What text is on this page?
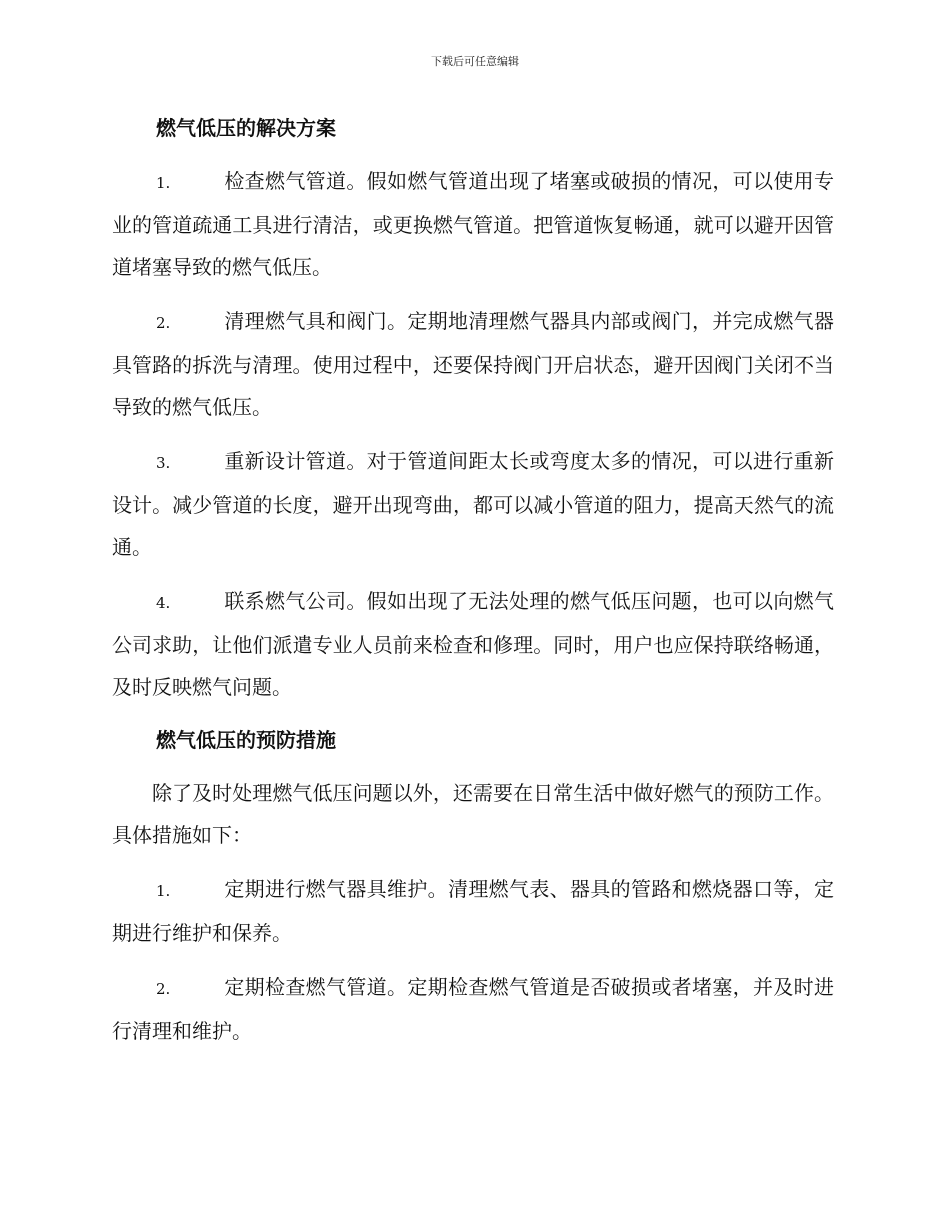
下载后可任意编辑
燃气低压的解决方案

1.	检查燃气管道。假如燃气管道出现了堵塞或破损的情况，可以使用专业的管道疏通工具进行清洁，或更换燃气管道。把管道恢复畅通，就可以避开因管道堵塞导致的燃气低压。

2.	清理燃气具和阀门。定期地清理燃气器具内部或阀门，并完成燃气器具管路的拆洗与清理。使用过程中，还要保持阀门开启状态，避开因阀门关闭不当导致的燃气低压。

3.	重新设计管道。对于管道间距太长或弯度太多的情况，可以进行重新设计。减少管道的长度，避开出现弯曲，都可以减小管道的阻力，提高天然气的流通。

4.	联系燃气公司。假如出现了无法处理的燃气低压问题，也可以向燃气公司求助，让他们派遣专业人员前来检查和修理。同时，用户也应保持联络畅通，及时反映燃气问题。

燃气低压的预防措施

除了及时处理燃气低压问题以外，还需要在日常生活中做好燃气的预防工作。具体措施如下：

1.	定期进行燃气器具维护。清理燃气表、器具的管路和燃烧器口等，定期进行维护和保养。

2.	定期检查燃气管道。定期检查燃气管道是否破损或者堵塞，并及时进行清理和维护。
